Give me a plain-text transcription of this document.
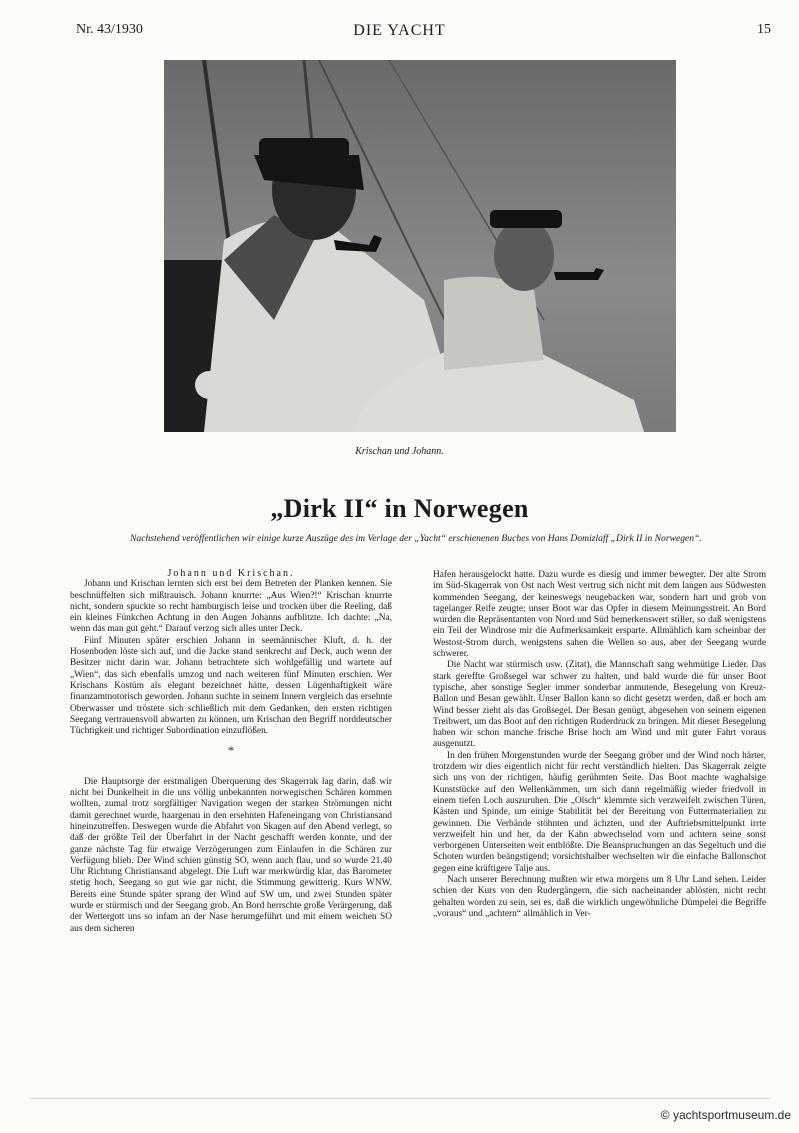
Nr. 43/1930	DIE YACHT	15
Krischan und Johann.
„Dirk II“ in Norwegen
Nachstehend veröffentlichen wir einige kurze Auszüge des im Verlage der „Yacht“ erschienenen Buches von Hans Domizlaff „Dirk II in Norwegen“.

Johann und Krischan.

Johann und Krischan lernten sich erst bei dem Betreten der Planken kennen. Sie beschnüffelten sich mißtrauisch. Johann knurrte: „Aus Wien?!“ Krischan knurrte nicht, sondern spuckte so recht hamburgisch leise und trocken über die Reeling, daß ein kleines Fünkchen Achtung in den Augen Johanns aufblitzte. Ich dachte: „Na, wenn das man gut geht.“ Darauf verzog sich alles unter Deck.

Fünf Minuten später erschien Johann in seemännischer Kluft, d. h. der Hosenboden löste sich auf, und die Jacke stand senkrecht auf Deck, auch wenn der Besitzer nicht darin war. Johann betrachtete sich wohlgefällig und wartete auf „Wien“, das sich ebenfalls umzog und nach weiteren fünf Minuten erschien. Wer Krischans Kostüm als elegant bezeichnet hätte, dessen Lügenhaftigkeit wäre finanzamtnotorisch geworden. Johann suchte in seinem Innern vergleich das ersehnte Oberwasser und tröstete sich schließlich mit dem Gedanken, den ersten richtigen Seegang vertrauensvoll abwarten zu können, um Krischan den Begriff norddeutscher Tüchtigkeit und richtiger Subordination einzuflößen.

*

Die Hauptsorge der erstmaligen Überquerung des Skagerrak lag darin, daß wir nicht bei Dunkelheit in die uns völlig unbekannten norwegischen Schären kommen wollten, zumal trotz sorgfältiger Navigation wegen der starken Strömungen nicht damit gerechnet wurde, haargenau in den ersehnten Hafeneingang von Christiansand hineinzutreffen. Deswegen wurde die Abfahrt von Skagen auf den Abend verlegt, so daß der größte Teil der Überfahrt in der Nacht geschafft werden konnte, und der ganze nächste Tag für etwaige Verzögerungen zum Einlaufen in die Schären zur Verfügung blieb. Der Wind schien günstig SO, wenn auch flau, und so wurde 21.40 Uhr Richtung Christiansand abgelegt. Die Luft war merkwürdig klar, das Barometer stetig hoch, Seegang so gut wie gar nicht, die Stimmung gewitterig. Kurs WNW. Bereits eine Stunde später sprang der Wind auf SW um, und zwei Stunden später wurde er stürmisch und der Seegang grob. An Bord herrschte große Verärgerung, daß der Wettergott uns so infam an der Nase herumgeführt und mit einem weichen SO aus dem sicheren

Hafen herausgelockt hatte. Dazu wurde es diesig und immer bewegter. Der alte Strom im Süd-Skagerrak von Ost nach West vertrug sich nicht mit dem langen aus Südwesten kommenden Seegang, der keineswegs neugebacken war, sondern hart und grob von tagelanger Reife zeugte; unser Boot war das Opfer in diesem Meinungsstreit. An Bord wurden die Repräsentanten von Nord und Süd bemerkenswert stiller, so daß wenigstens ein Teil der Windrose mir die Aufmerksamkeit ersparte. Allmählich kam scheinbar der Westost-Strom durch, wenigstens sahen die Wellen so aus, aber der Seegang wurde schwerer.

Die Nacht war stürmisch usw. (Zitat), die Mannschaft sang wehmütige Lieder. Das stark gereffte Großsegel war schwer zu halten, und bald wurde die für unser Boot typische, aber sonstige Segler immer sonderbar anmutende, Besegelung von Kreuz-Ballon und Besan gewählt. Unser Ballon kann so dicht gesetzt werden, daß er hoch am Wind besser zieht als das Großsegel. Der Besan genügt, abgesehen von seinem eigenen Treibwert, um das Boot auf den richtigen Ruderdruck zu bringen. Mit dieser Besegelung haben wir schon manche frische Brise hoch am Wind und mit guter Fahrt voraus ausgenutzt.

In den frühen Morgenstunden wurde der Seegang gröber und der Wind noch härter, trotzdem wir dies eigentlich nicht für recht verständlich hielten. Das Skagerrak zeigte sich uns von der richtigen, häufig gerühmten Seite. Das Boot machte waghalsige Kunststücke auf den Wellenkämmen, um sich dann regelmäßig wieder friedvoll in einem tiefen Loch auszuruhen. Die „Olsch“ klemmte sich verzweifelt zwischen Türen, Kästen und Spinde, um einige Stabilität bei der Bereitung von Futtermaterialien zu gewinnen. Die Verbände stöhnten und ächzten, und der Auftriebsmittelpunkt irrte verzweifelt hin und her, da der Kahn abwechselnd vorn und achtern seine sonst verborgenen Unterseiten weit entblößte. Die Beanspruchungen an das Segeltuch und die Schoten wurden beängstigend; vorsichtshalber wechselten wir die einfache Ballonschot gegen eine kräftigere Talje aus.

Nach unserer Berechnung mußten wir etwa morgens um 8 Uhr Land sehen. Leider schien der Kurs von den Rudergängern, die sich nacheinander ablösten, nicht recht gehalten worden zu sein, sei es, daß die wirklich ungewöhnliche Dümpelei die Begriffe „voraus“ und „achtern“ allmählich in Ver-

© yachtsportmuseum.de
